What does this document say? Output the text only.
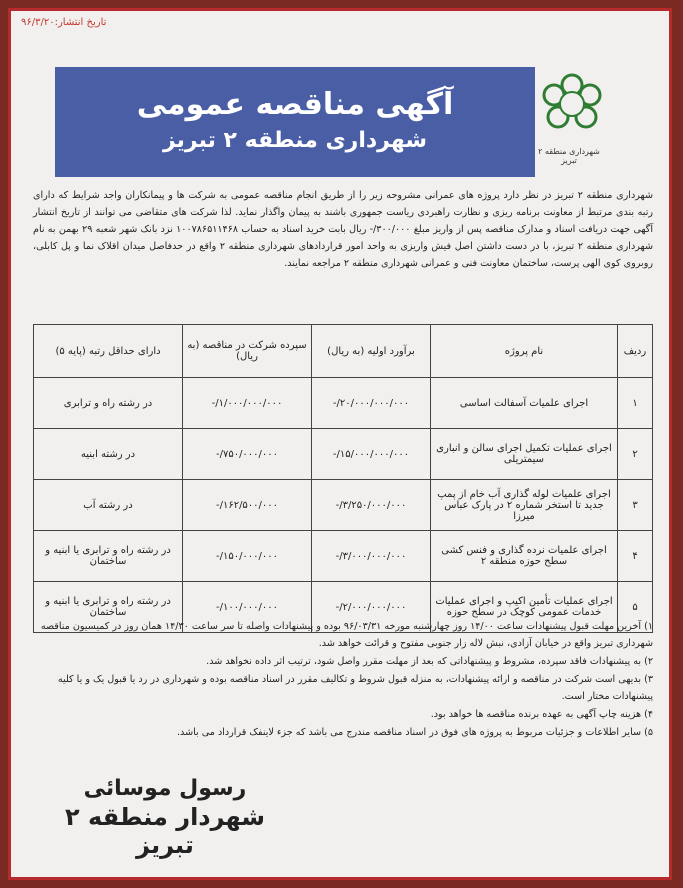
تاریخ انتشار:۹۶/۳/۲۰
آگهی مناقصه عمومی
شهرداری منطقه ۲ تبریز	شهرداری منطقه ۲ تبریز

شهرداری منطقه ۲ تبریز در نظر دارد پروژه های عمرانی مشروحه زیر را از طریق انجام مناقصه عمومی به شرکت ها و پیمانکاران واجد شرایط که دارای رتبه بندی مرتبط از معاونت برنامه ریزی و نظارت راهبردی ریاست جمهوری باشند به پیمان واگذار نماید. لذا شرکت های متقاضی می توانند از تاریخ انتشار آگهی جهت دریافت اسناد و مدارک مناقصه پس از واریز مبلغ ۳۰۰/۰۰۰/- ریال بابت خرید اسناد به حساب ۱۰۰۷۸۶۵۱۱۴۶۸ نزد بانک شهر شعبه ۲۹ بهمن به نام شهرداری منطقه ۲ تبریز، با در دست داشتن اصل فیش واریزی به واحد امور قراردادهای شهرداری منطقه ۲ واقع در حدفاصل میدان اقلاک نما و پل کابلی، روبروی کوی الهی پرست، ساختمان معاونت فنی و عمرانی شهرداری منطقه ۲ مراجعه نمایند.

ردیف	نام پروژه	برآورد اولیه (به ریال)	سپرده شرکت در مناقصه (به ریال)	دارای حداقل رتبه (پایه ۵)
۱	اجرای علمیات آسفالت اساسی	۲۰/۰۰۰/۰۰۰/۰۰۰/-	۱/۰۰۰/۰۰۰/۰۰۰/-	در رشته راه و ترابری
۲	اجرای عملیات تکمیل اجرای سالن و انباری سیمتریلی	۱۵/۰۰۰/۰۰۰/۰۰۰/-	۷۵۰/۰۰۰/۰۰۰/-	در رشته ابنیه
۳	اجرای علمیات لوله گذاری آب خام از پمپ جدید تا استخر شماره ۲ در پارک عباس میرزا	۳/۲۵۰/۰۰۰/۰۰۰/-	۱۶۲/۵۰۰/۰۰۰/-	در رشته آب
۴	اجرای علمیات نرده گذاری و فنس کشی سطح حوزه منطقه ۲	۳/۰۰۰/۰۰۰/۰۰۰/-	۱۵۰/۰۰۰/۰۰۰/-	در رشته راه و ترابری یا ابنیه و ساختمان
۵	اجرای عملیات تأمین اکیپ و اجرای عملیات خدمات عمومی کوچک در سطح حوزه	۲/۰۰۰/۰۰۰/۰۰۰/-	۱۰۰/۰۰۰/۰۰۰/-	در رشته راه و ترابری یا ابنیه و ساختمان
۱) آخرین مهلت قبول پیشنهادات ساعت ۱۴/۰۰ روز چهارشنبه مورخه ۹۶/۰۳/۳۱ بوده و پیشنهادات واصله تا سر ساعت ۱۴/۳۰ همان روز در کمیسیون مناقصه شهرداری تبریز واقع در خیابان آزادی، نبش لاله زار جنوبی مفتوح و قرائت خواهد شد.
۲) به پیشنهادات فاقد سپرده، مشروط و پیشنهاداتی که بعد از مهلت مقرر واصل شود، ترتیب اثر داده نخواهد شد.
۳) بدیهی است شرکت در مناقصه و ارائه پیشنهادات، به منزله قبول شروط و تکالیف مقرر در اسناد مناقصه بوده و شهرداری در رد یا قبول یک و یا کلیه پیشنهادات مختار است.
۴) هزینه چاپ آگهی به عهده برنده مناقصه ها خواهد بود.
۵) سایر اطلاعات و جزئیات مربوط به پروژه های فوق در اسناد مناقصه مندرج می باشد که جزء لاینفک قرارداد می باشد.
رسول موسائی
شهردار منطقه ۲ تبریز
